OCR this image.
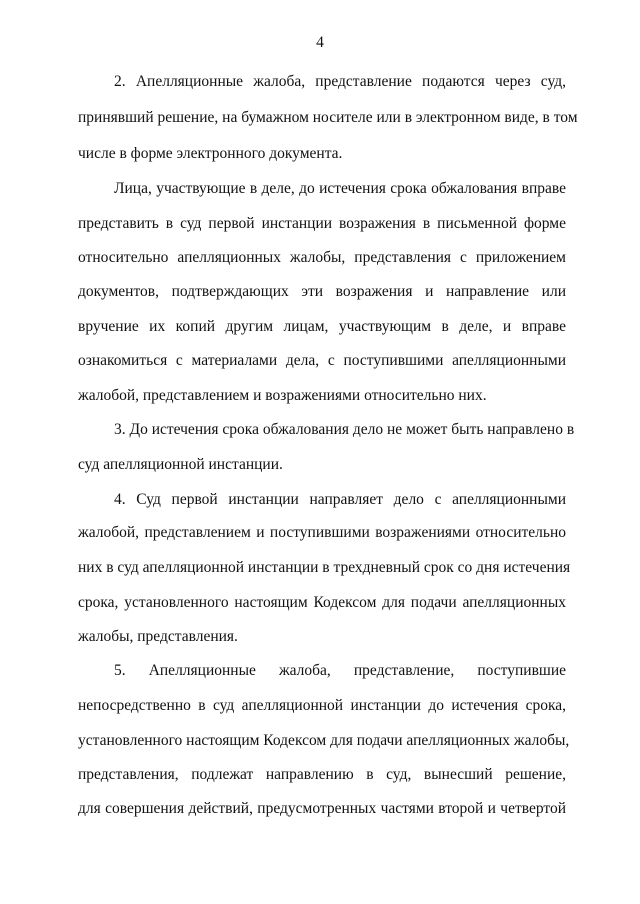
4
2. Апелляционные жалоба, представление подаются через суд,
принявший решение, на бумажном носителе или в электронном виде, в том
числе в форме электронного документа.
Лица, участвующие в деле, до истечения срока обжалования вправе
представить в суд первой инстанции возражения в письменной форме
относительно апелляционных жалобы, представления с приложением
документов, подтверждающих эти возражения и направление или
вручение их копий другим лицам, участвующим в деле, и вправе
ознакомиться с материалами дела, с поступившими апелляционными
жалобой, представлением и возражениями относительно них.
3. До истечения срока обжалования дело не может быть направлено в
суд апелляционной инстанции.
4. Суд первой инстанции направляет дело с апелляционными
жалобой, представлением и поступившими возражениями относительно
них в суд апелляционной инстанции в трехдневный срок со дня истечения
срока, установленного настоящим Кодексом для подачи апелляционных
жалобы, представления.
5. Апелляционные жалоба, представление, поступившие
непосредственно в суд апелляционной инстанции до истечения срока,
установленного настоящим Кодексом для подачи апелляционных жалобы,
представления, подлежат направлению в суд, вынесший решение,
для совершения действий, предусмотренных частями второй и четвертой
